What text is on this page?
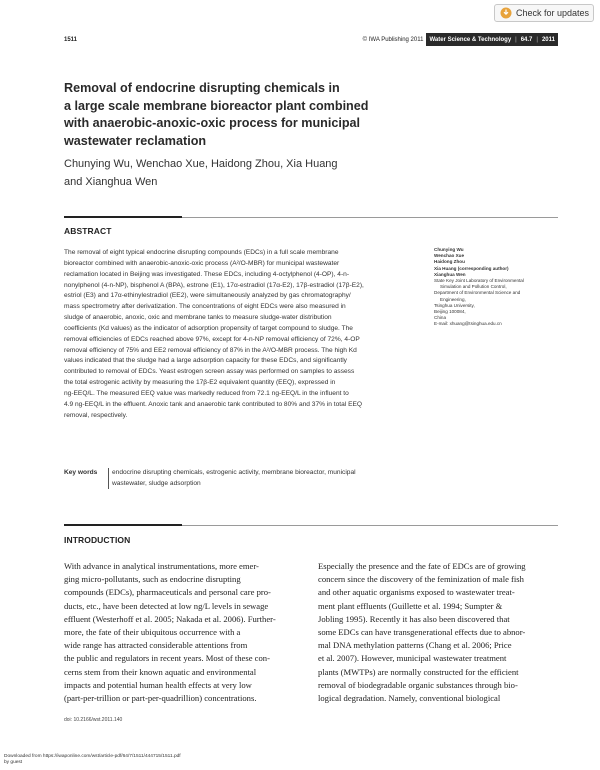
Check for updates
1511	© IWA Publishing 2011 Water Science & Technology | 64.7 | 2011
Removal of endocrine disrupting chemicals in
a large scale membrane bioreactor plant combined
with anaerobic-anoxic-oxic process for municipal
wastewater reclamation
Chunying Wu, Wenchao Xue, Haidong Zhou, Xia Huang
and Xianghua Wen
ABSTRACT
The removal of eight typical endocrine disrupting compounds (EDCs) in a full scale membrane
bioreactor combined with anaerobic-anoxic-oxic process (A²/O-MBR) for municipal wastewater
reclamation located in Beijing was investigated. These EDCs, including 4-octylphenol (4-OP), 4-n-
nonylphenol (4-n-NP), bisphenol A (BPA), estrone (E1), 17α-estradiol (17α-E2), 17β-estradiol (17β-E2),
estriol (E3) and 17α-ethinylestradiol (EE2), were simultaneously analyzed by gas chromatography/
mass spectrometry after derivatization. The concentrations of eight EDCs were also measured in
sludge of anaerobic, anoxic, oxic and membrane tanks to measure sludge-water distribution
coefficients (Kd values) as the indicator of adsorption propensity of target compound to sludge. The
removal efficiencies of EDCs reached above 97%, except for 4-n-NP removal efficiency of 72%, 4-OP
removal efficiency of 75% and EE2 removal efficiency of 87% in the A²/O-MBR process. The high Kd
values indicated that the sludge had a large adsorption capacity for these EDCs, and significantly
contributed to removal of EDCs. Yeast estrogen screen assay was performed on samples to assess
the total estrogenic activity by measuring the 17β-E2 equivalent quantity (EEQ), expressed in
ng-EEQ/L. The measured EEQ value was markedly reduced from 72.1 ng-EEQ/L in the influent to
4.9 ng-EEQ/L in the effluent. Anoxic tank and anaerobic tank contributed to 80% and 37% in total EEQ
removal, respectively.
Key words	endocrine disrupting chemicals, estrogenic activity, membrane bioreactor, municipal
wastewater, sludge adsorption
Chunying Wu
Wenchao Xue
Haidong Zhou
Xia Huang (corresponding author)
Xianghua Wen
State Key Joint Laboratory of Environmental
Simulation and Pollution Control,
Department of Environmental Science and
Engineering,
Tsinghua University,
Beijing 100084,
China
E-mail: xhuang@tsinghua.edu.cn
INTRODUCTION
With advance in analytical instrumentations, more emer-
ging micro-pollutants, such as endocrine disrupting
compounds (EDCs), pharmaceuticals and personal care pro-
ducts, etc., have been detected at low ng/L levels in sewage
effluent (Westerhoff et al. 2005; Nakada et al. 2006). Further-
more, the fate of their ubiquitous occurrence with a
wide range has attracted considerable attentions from
the public and regulators in recent years. Most of these con-
cerns stem from their known aquatic and environmental
impacts and potential human health effects at very low
(part-per-trillion or part-per-quadrillion) concentrations.
Especially the presence and the fate of EDCs are of growing
concern since the discovery of the feminization of male fish
and other aquatic organisms exposed to wastewater treat-
ment plant effluents (Guillette et al. 1994; Sumpter &
Jobling 1995). Recently it has also been discovered that
some EDCs can have transgenerational effects due to abnor-
mal DNA methylation patterns (Chang et al. 2006; Price
et al. 2007). However, municipal wastewater treatment
plants (MWTPs) are normally constructed for the efficient
removal of biodegradable organic substances through bio-
logical degradation. Namely, conventional biological
doi: 10.2166/wst.2011.140
Downloaded from https://iwaponline.com/wst/article-pdf/64/7/1511/444715/1511.pdf
by guest
